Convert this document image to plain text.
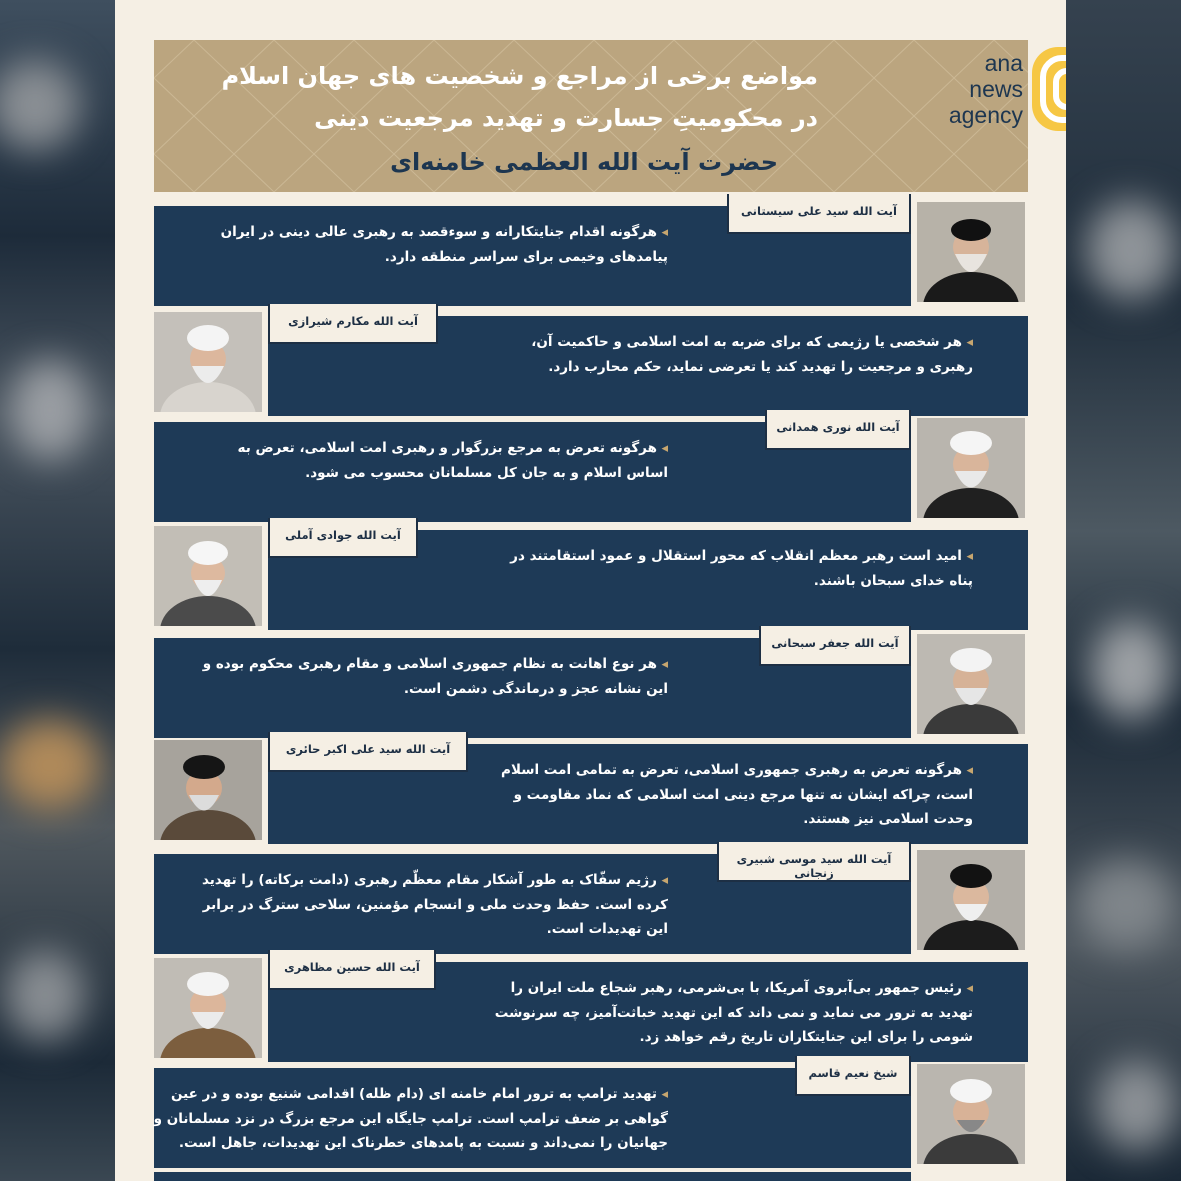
مواضع برخی از مراجع و شخصیت های جهان اسلام
در محکومیتِ جسارت و تهدید مرجعیت دینی
حضرت آیت الله العظمی خامنه‌ای
ana
news
agency
◂ هرگونه اقدام جنایتکارانه و سوءقصد به رهبری عالی دینی در ایران پیامدهای وخیمی برای سراسر منطقه دارد.
آیت الله سید علی سیستانی
◂ هر شخصی یا رژیمی که برای ضربه به امت اسلامی و حاکمیت آن، رهبری و مرجعیت را تهدید کند یا تعرضی نماید، حکم محارب دارد.
آیت الله مکارم شیرازی
◂ هرگونه تعرض به مرجع بزرگوار و رهبری امت اسلامی، تعرض به اساس اسلام و به جان کل مسلمانان محسوب می شود.
آیت الله نوری همدانی
◂ امید است رهبر معظم انقلاب که محور استقلال و عمود استقامتند در پناه خدای سبحان باشند.
آیت الله جوادی آملی
◂ هر نوع اهانت به نظام جمهوری اسلامی و مقام رهبری محکوم بوده و این نشانه عجز و درماندگی دشمن است.
آیت الله جعفر سبحانی
◂ هرگونه تعرض به رهبری جمهوری اسلامی، تعرض به تمامی امت اسلام است، چراکه ایشان نه تنها مرجع دینی امت اسلامی که نماد مقاومت و وحدت اسلامی نیز هستند.
آیت الله سید علی اکبر حائری
◂ رژیم سفّاک به طور آشکار مقام معظّم رهبری (دامت برکاته) را تهدید کرده است. حفظ وحدت ملی و انسجام مؤمنین، سلاحی سترگ در برابر این تهدیدات است.
آیت الله سید موسی شبیری زنجانی
◂ رئیس جمهور بی‌آبروی آمریکا، با بی‌شرمی، رهبر شجاع ملت ایران را تهدید به ترور می نماید و نمی داند که این تهدید خباثت‌آمیز، چه سرنوشت شومی را برای این جنایتکاران تاریخ رقم خواهد زد.
آیت الله حسین مظاهری
◂ تهدید ترامپ به ترور امام خامنه ای (دام ظله) اقدامی شنیع بوده و در عین گواهی بر ضعف ترامپ است. ترامپ جایگاه این مرجع بزرگ در نزد مسلمانان و جهانیان را نمی‌داند و نسبت به پامدهای خطرناک این تهدیدات، جاهل است.
شیخ نعیم قاسم
